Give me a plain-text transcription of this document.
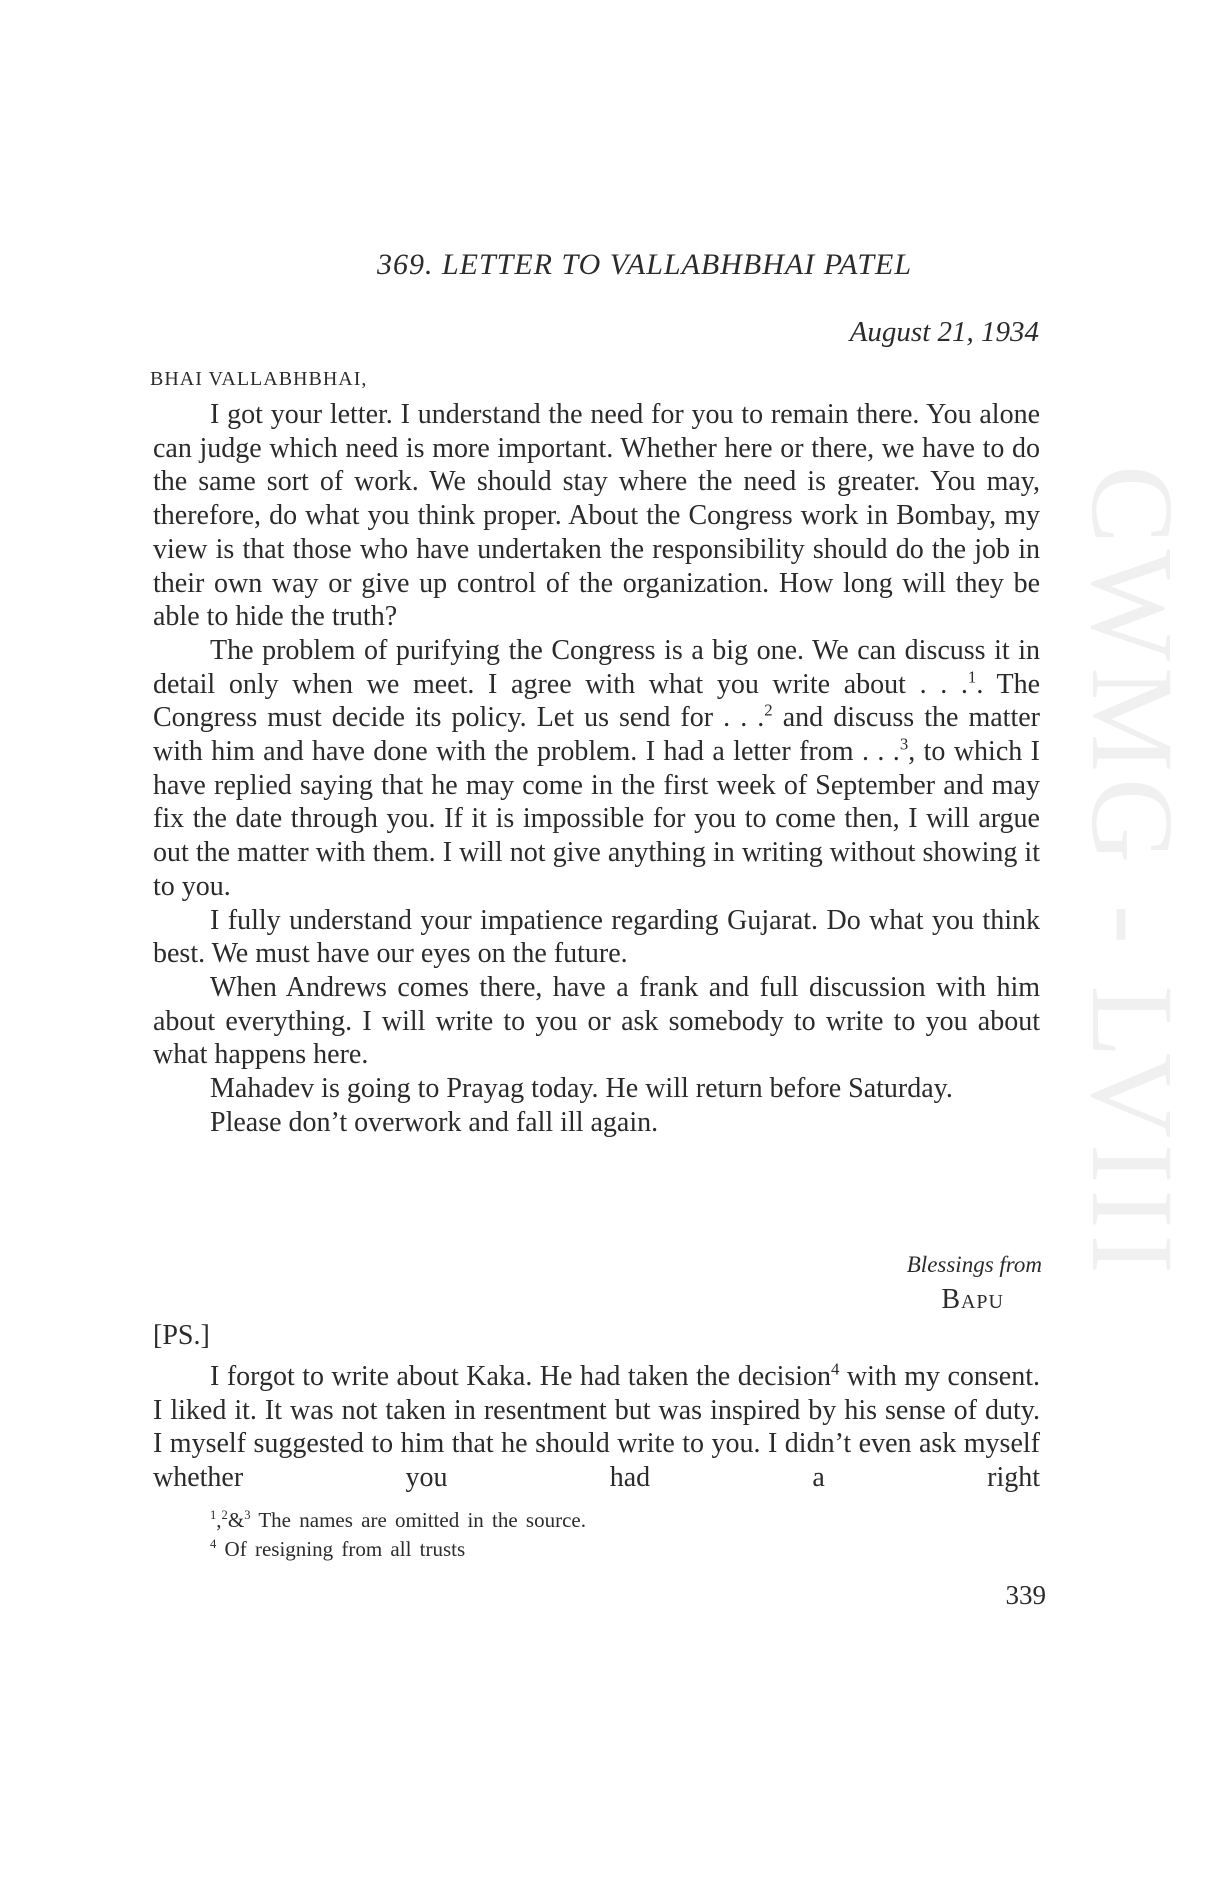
CWMG - LVIII
369. LETTER TO VALLABHBHAI PATEL
August 21, 1934
BHAI VALLABHBHAI,

I got your letter. I understand the need for you to remain there. You alone can judge which need is more important. Whether here or there, we have to do the same sort of work. We should stay where the need is greater. You may, therefore, do what you think proper. About the Congress work in Bombay, my view is that those who have undertaken the responsibility should do the job in their own way or give up control of the organization. How long will they be able to hide the truth?

The problem of purifying the Congress is a big one. We can discuss it in detail only when we meet. I agree with what you write about . . .$^1$. The Congress must decide its policy. Let us send for . . .$^2$ and discuss the matter with him and have done with the problem. I had a letter from . . .$^3$, to which I have replied saying that he may come in the first week of September and may fix the date through you. If it is impossible for you to come then, I will argue out the matter with them. I will not give anything in writing without showing it to you.

I fully understand your impatience regarding Gujarat. Do what you think best. We must have our eyes on the future.

When Andrews comes there, have a frank and full discussion with him about everything. I will write to you or ask somebody to write to you about what happens here.

Mahadev is going to Prayag today. He will return before Saturday.

Please don’t overwork and fall ill again.

Blessings from
Bapu
[PS.]

I forgot to write about Kaka. He had taken the decision$^4$ with my consent. I liked it. It was not taken in resentment but was inspired by his sense of duty. I myself suggested to him that he should write to you. I didn’t even ask myself whether you had a right

$^1$,$^2$&$^3$ The names are omitted in the source.
$^4$ Of resigning from all trusts
339
